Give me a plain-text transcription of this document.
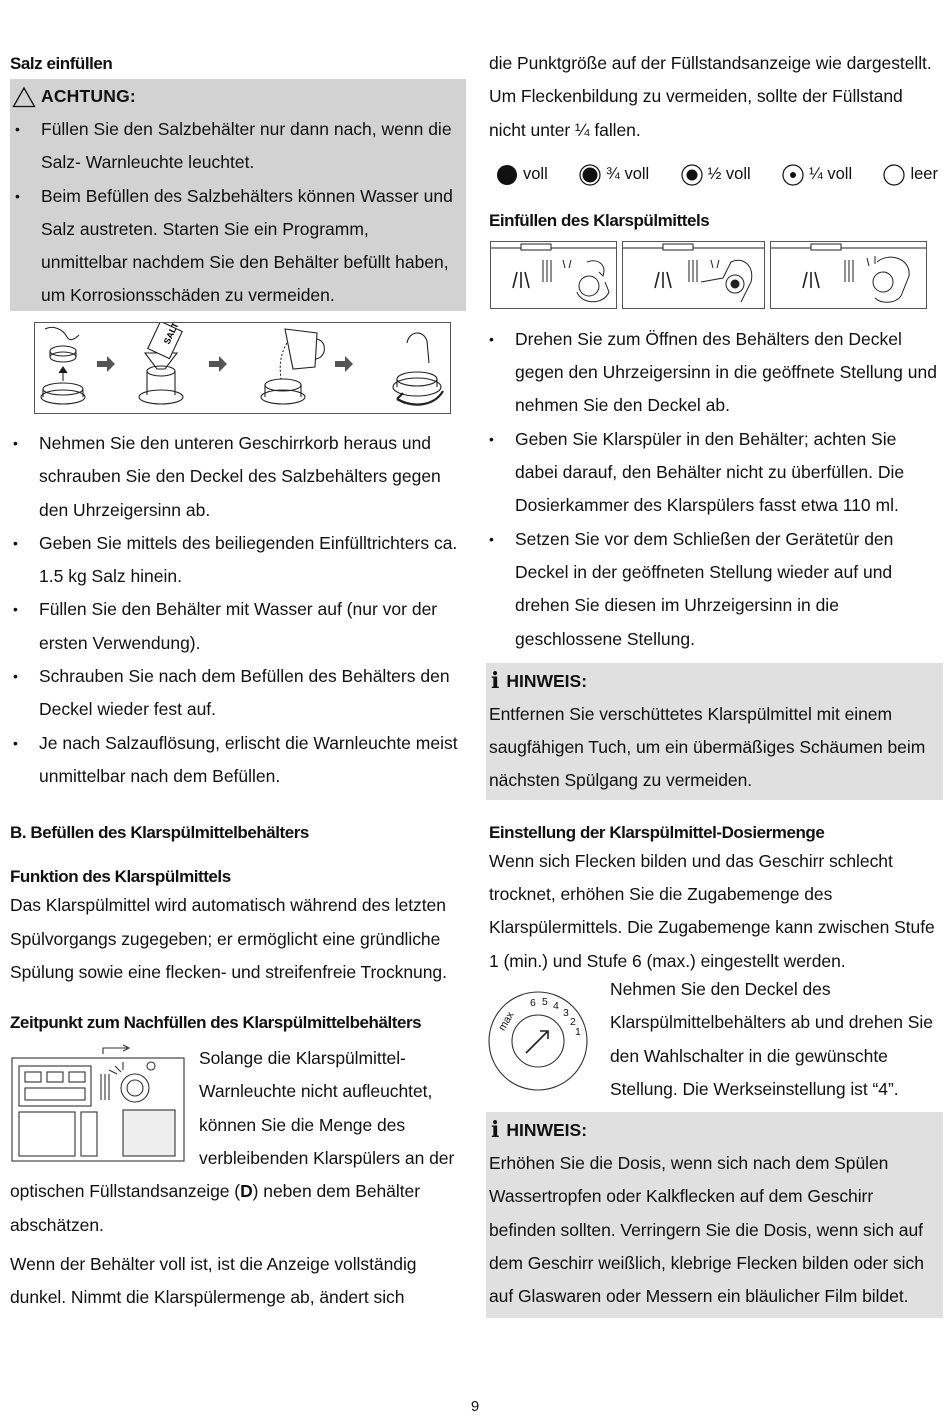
Salz einfüllen
ACHTUNG:
• Füllen Sie den Salzbehälter nur dann nach, wenn die Salz- Warnleuchte leuchtet.
• Beim Befüllen des Salzbehälters können Wasser und Salz austreten. Starten Sie ein Programm, unmittelbar nachdem Sie den Behälter befüllt haben, um Korrosionsschäden zu vermeiden.
SALT
• Nehmen Sie den unteren Geschirrkorb heraus und schrauben Sie den Deckel des Salzbehälters gegen den Uhrzeigersinn ab.
• Geben Sie mittels des beiliegenden Einfülltrichters ca. 1.5 kg Salz hinein.
• Füllen Sie den Behälter mit Wasser auf (nur vor der ersten Verwendung).
• Schrauben Sie nach dem Befüllen des Behälters den Deckel wieder fest auf.
• Je nach Salzauflösung, erlischt die Warnleuchte meist unmittelbar nach dem Befüllen.
B. Befüllen des Klarspülmittelbehälters
Funktion des Klarspülmittels
Das Klarspülmittel wird automatisch während des letzten Spülvorgangs zugegeben; er ermöglicht eine gründliche Spülung sowie eine flecken- und streifenfreie Trocknung.
Zeitpunkt zum Nachfüllen des Klarspülmittelbehälters
Solange die Klarspülmittel-Warnleuchte nicht aufleuchtet, können Sie die Menge des verbleibenden Klarspülers an der optischen Füllstandsanzeige (D) neben dem Behälter abschätzen.
Wenn der Behälter voll ist, ist die Anzeige vollständig dunkel. Nimmt die Klarspülermenge ab, ändert sich
die Punktgröße auf der Füllstandsanzeige wie dargestellt. Um Fleckenbildung zu vermeiden, sollte der Füllstand nicht unter ¼ fallen.
voll	¾ voll	½ voll	¼ voll	leer
Einfüllen des Klarspülmittels
• Drehen Sie zum Öffnen des Behälters den Deckel gegen den Uhrzeigersinn in die geöffnete Stellung und nehmen Sie den Deckel ab.
• Geben Sie Klarspüler in den Behälter; achten Sie dabei darauf, den Behälter nicht zu überfüllen. Die Dosierkammer des Klarspülers fasst etwa 110 ml.
• Setzen Sie vor dem Schließen der Gerätetür den Deckel in der geöffneten Stellung wieder auf und drehen Sie diesen im Uhrzeigersinn in die geschlossene Stellung.
i HINWEIS:
Entfernen Sie verschüttetes Klarspülmittel mit einem saugfähigen Tuch, um ein übermäßiges Schäumen beim nächsten Spülgang zu vermeiden.
Einstellung der Klarspülmittel-Dosiermenge
Wenn sich Flecken bilden und das Geschirr schlecht trocknet, erhöhen Sie die Zugabemenge des Klarspülermittels. Die Zugabemenge kann zwischen Stufe 1 (min.) und Stufe 6 (max.) eingestellt werden.
max
6 5 4
3
2
1
Nehmen Sie den Deckel des Klarspülmittelbehälters ab und drehen Sie den Wahlschalter in die gewünschte Stellung. Die Werkseinstellung ist “4”.
i HINWEIS:
Erhöhen Sie die Dosis, wenn sich nach dem Spülen Wassertropfen oder Kalkflecken auf dem Geschirr befinden sollten. Verringern Sie die Dosis, wenn sich auf dem Geschirr weißlich, klebrige Flecken bilden oder sich auf Glaswaren oder Messern ein bläulicher Film bildet.
9
